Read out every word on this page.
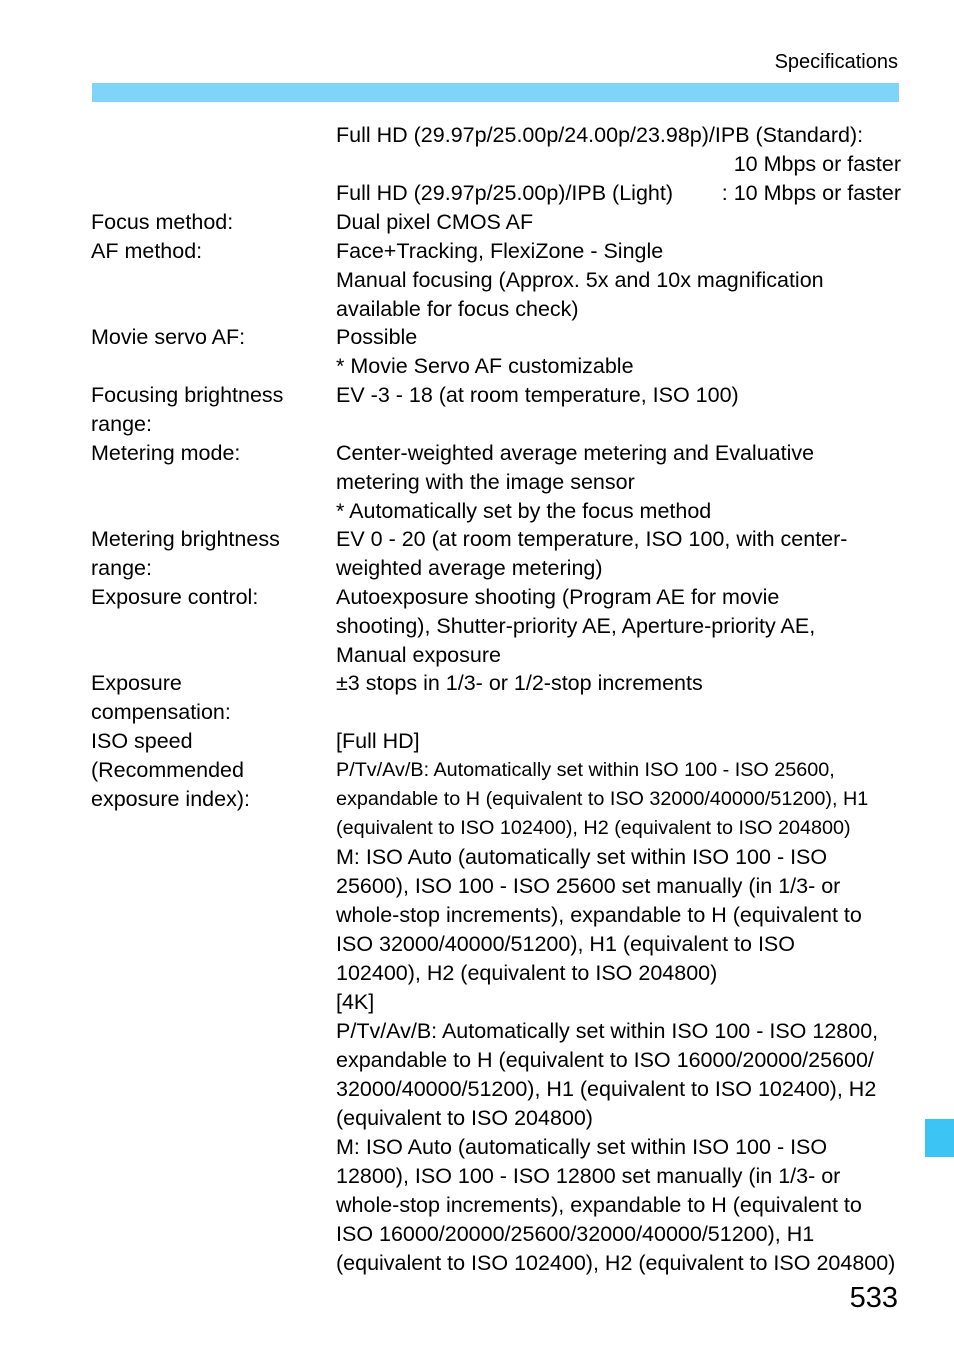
Specifications
Full HD (29.97p/25.00p/24.00p/23.98p)/IPB (Standard):
10 Mbps or faster
Full HD (29.97p/25.00p)/IPB (Light) : 10 Mbps or faster
Focus method:	Dual pixel CMOS AF
AF method:	Face+Tracking, FlexiZone - Single
Manual focusing (Approx. 5x and 10x magnification
available for focus check)
Movie servo AF:	Possible
* Movie Servo AF customizable
Focusing brightness
range:
EV -3 - 18 (at room temperature, ISO 100)
Metering mode:	Center-weighted average metering and Evaluative
metering with the image sensor
* Automatically set by the focus method
Metering brightness
range:
EV 0 - 20 (at room temperature, ISO 100, with center-
weighted average metering)
Exposure control:	Autoexposure shooting (Program AE for movie
shooting), Shutter-priority AE, Aperture-priority AE,
Manual exposure
Exposure
compensation:
±3 stops in 1/3- or 1/2-stop increments
ISO speed
(Recommended
exposure index):
[Full HD]
P/Tv/Av/B: Automatically set within ISO 100 - ISO 25600,
expandable to H (equivalent to ISO 32000/40000/51200), H1
(equivalent to ISO 102400), H2 (equivalent to ISO 204800)
M: ISO Auto (automatically set within ISO 100 - ISO
25600), ISO 100 - ISO 25600 set manually (in 1/3- or
whole-stop increments), expandable to H (equivalent to
ISO 32000/40000/51200), H1 (equivalent to ISO
102400), H2 (equivalent to ISO 204800)
[4K]
P/Tv/Av/B: Automatically set within ISO 100 - ISO 12800,
expandable to H (equivalent to ISO 16000/20000/25600/
32000/40000/51200), H1 (equivalent to ISO 102400), H2
(equivalent to ISO 204800)
M: ISO Auto (automatically set within ISO 100 - ISO
12800), ISO 100 - ISO 12800 set manually (in 1/3- or
whole-stop increments), expandable to H (equivalent to
ISO 16000/20000/25600/32000/40000/51200), H1
(equivalent to ISO 102400), H2 (equivalent to ISO 204800)
533
